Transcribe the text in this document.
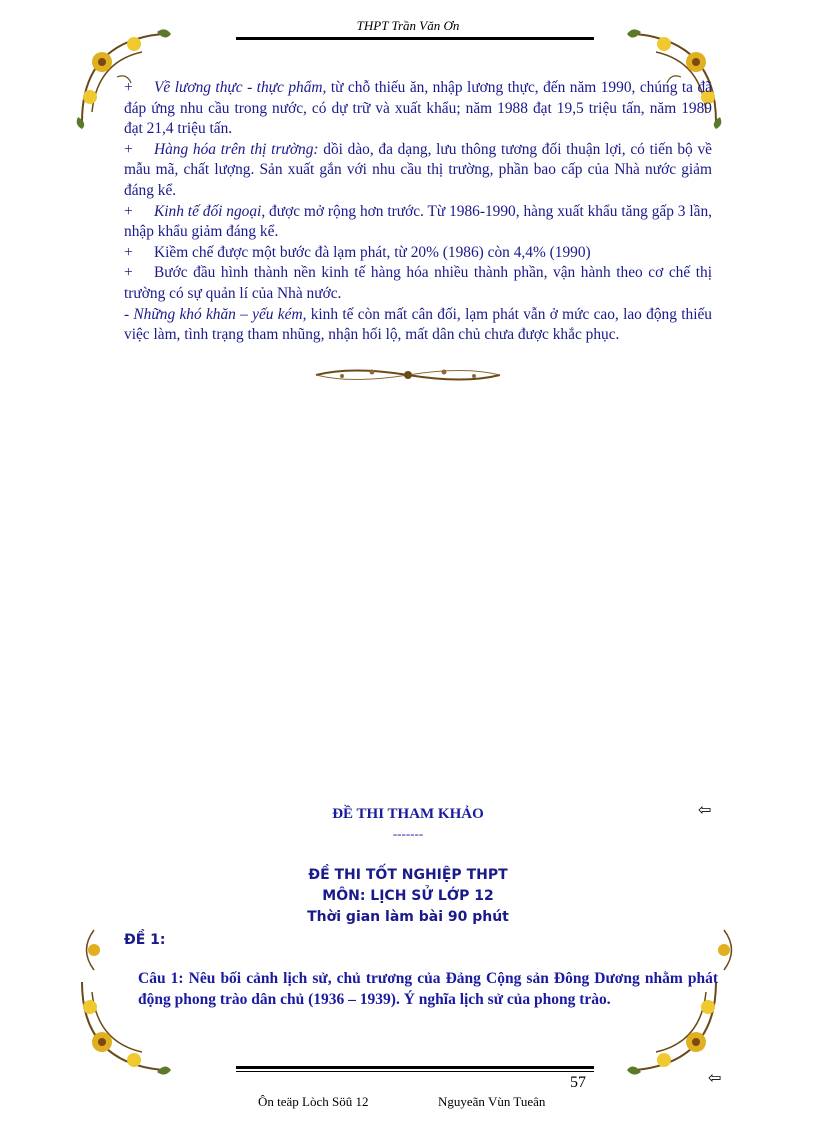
THPT Trần Văn Ơn

+ Về lương thực - thực phẩm, từ chỗ thiếu ăn, nhập lương thực, đến năm 1990, chúng ta đã đáp ứng nhu cầu trong nước, có dự trữ và xuất khẩu; năm 1988 đạt 19,5 triệu tấn, năm 1989 đạt 21,4 triệu tấn.

+ Hàng hóa trên thị trường: dồi dào, đa dạng, lưu thông tương đối thuận lợi, có tiến bộ về mẫu mã, chất lượng. Sản xuất gắn với nhu cầu thị trường, phần bao cấp của Nhà nước giảm đáng kể.

+ Kinh tế đối ngoại, được mở rộng hơn trước. Từ 1986-1990, hàng xuất khẩu tăng gấp 3 lần, nhập khẩu giảm đáng kể.

+ Kiềm chế được một bước đà lạm phát, từ 20% (1986) còn 4,4% (1990)

+ Bước đầu hình thành nền kinh tế hàng hóa nhiều thành phần, vận hành theo cơ chế thị trường có sự quản lí của Nhà nước.

- Những khó khăn – yếu kém, kinh tế còn mất cân đối, lạm phát vẫn ở mức cao, lao động thiếu việc làm, tình trạng tham nhũng, nhận hối lộ, mất dân chủ chưa được khắc phục.

ĐỀ THI THAM KHẢO
-------
⇦
ĐỀ THI TỐT NGHIỆP THPT
MÔN: LỊCH SỬ LỚP 12
Thời gian làm bài 90 phút
ĐỀ 1:
Câu 1: Nêu bối cảnh lịch sử, chủ trương của Đảng Cộng sản Đông Dương nhằm phát động phong trào dân chủ (1936 – 1939). Ý nghĩa lịch sử của phong trào.
57	⇦
Ôn teäp Lòch Söû 12	Nguyeãn Vùn Tueân
